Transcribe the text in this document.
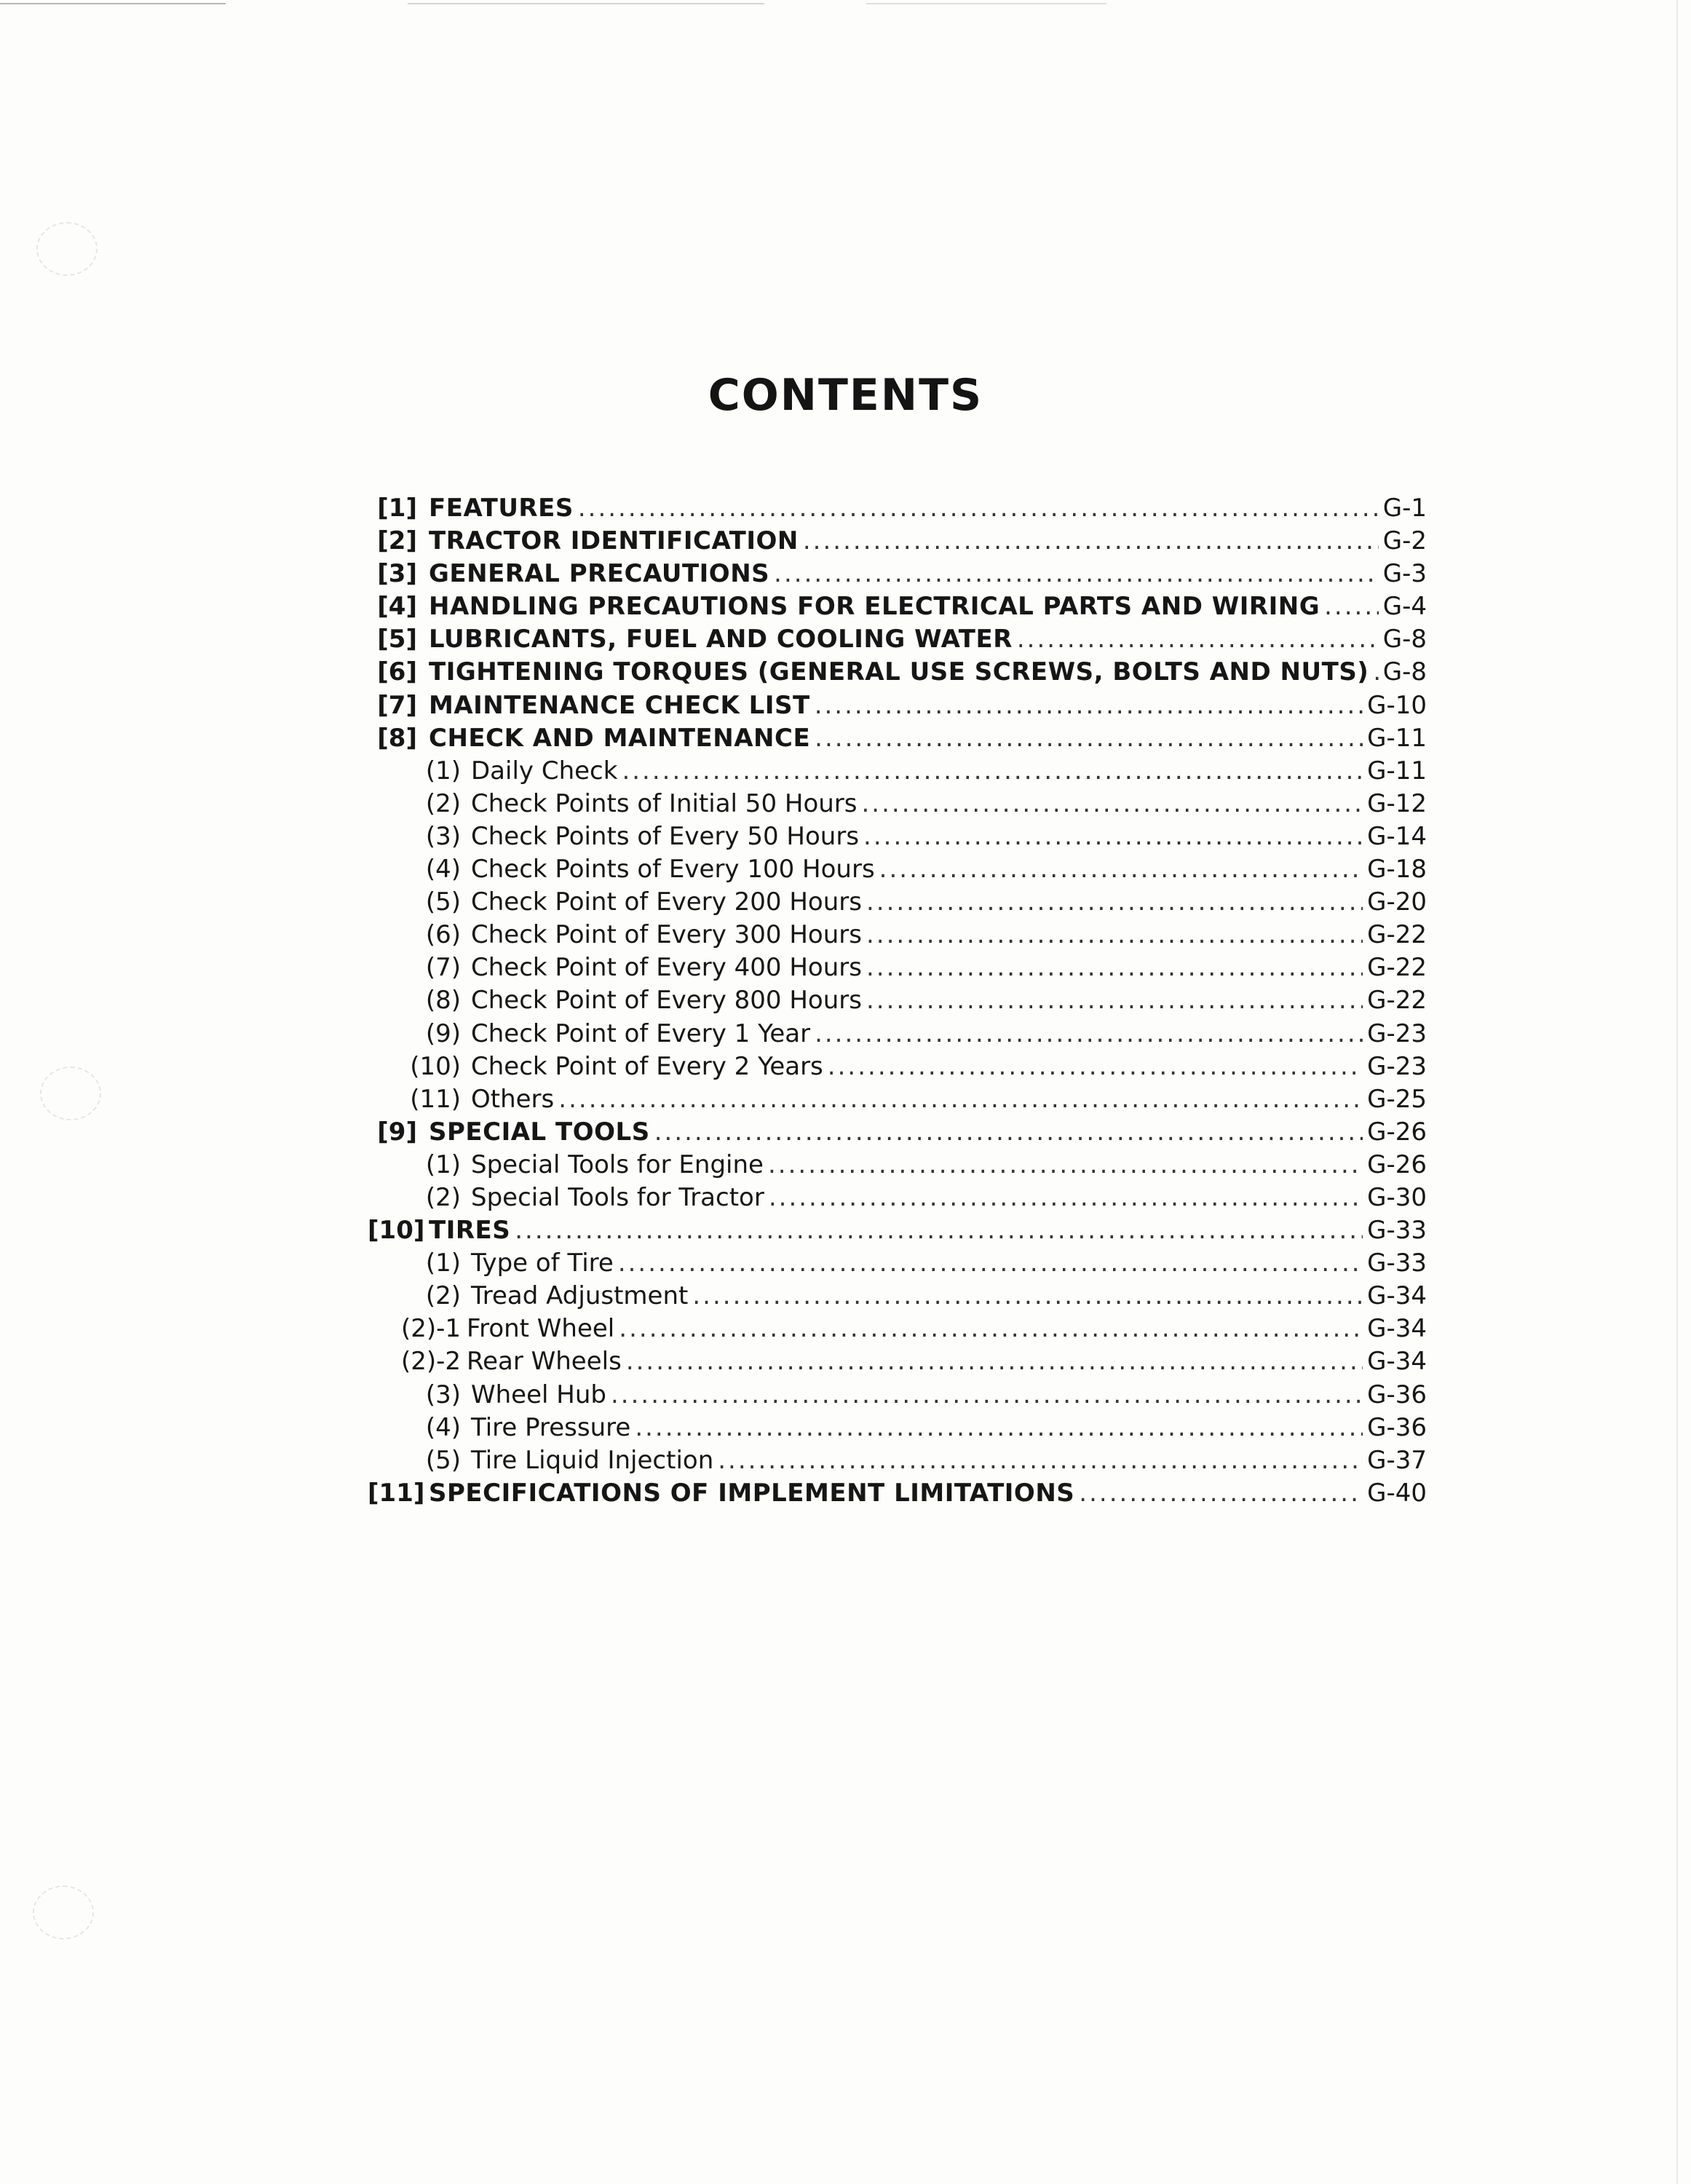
CONTENTS
[1] FEATURES .....	G-1
[2] TRACTOR IDENTIFICATION .....	G-2
[3] GENERAL PRECAUTIONS .....	G-3
[4] HANDLING PRECAUTIONS FOR ELECTRICAL PARTS AND WIRING .....	G-4
[5] LUBRICANTS, FUEL AND COOLING WATER .....	G-8
[6] TIGHTENING TORQUES (GENERAL USE SCREWS, BOLTS AND NUTS) ..... G-8
[7] MAINTENANCE CHECK LIST .....	G-10
[8] CHECK AND MAINTENANCE .....	G-11
(1) Daily Check .....	G-11
(2) Check Points of Initial 50 Hours .....	G-12
(3) Check Points of Every 50 Hours .....	G-14
(4) Check Points of Every 100 Hours .....	G-18
(5) Check Point of Every 200 Hours .....	G-20
(6) Check Point of Every 300 Hours .....	G-22
(7) Check Point of Every 400 Hours .....	G-22
(8) Check Point of Every 800 Hours .....	G-22
(9) Check Point of Every 1 Year .....	G-23
(10) Check Point of Every 2 Years .....	G-23
(11) Others .....	G-25
[9] SPECIAL TOOLS .....	G-26
(1) Special Tools for Engine .....	G-26
(2) Special Tools for Tractor .....	G-30
[10] TIRES .....	G-33
(1) Type of Tire .....	G-33
(2) Tread Adjustment .....	G-34
(2)-1 Front Wheel .....	G-34
(2)-2 Rear Wheels .....	G-34
(3) Wheel Hub .....	G-36
(4) Tire Pressure .....	G-36
(5) Tire Liquid Injection .....	G-37
[11] SPECIFICATIONS OF IMPLEMENT LIMITATIONS .....	G-40
